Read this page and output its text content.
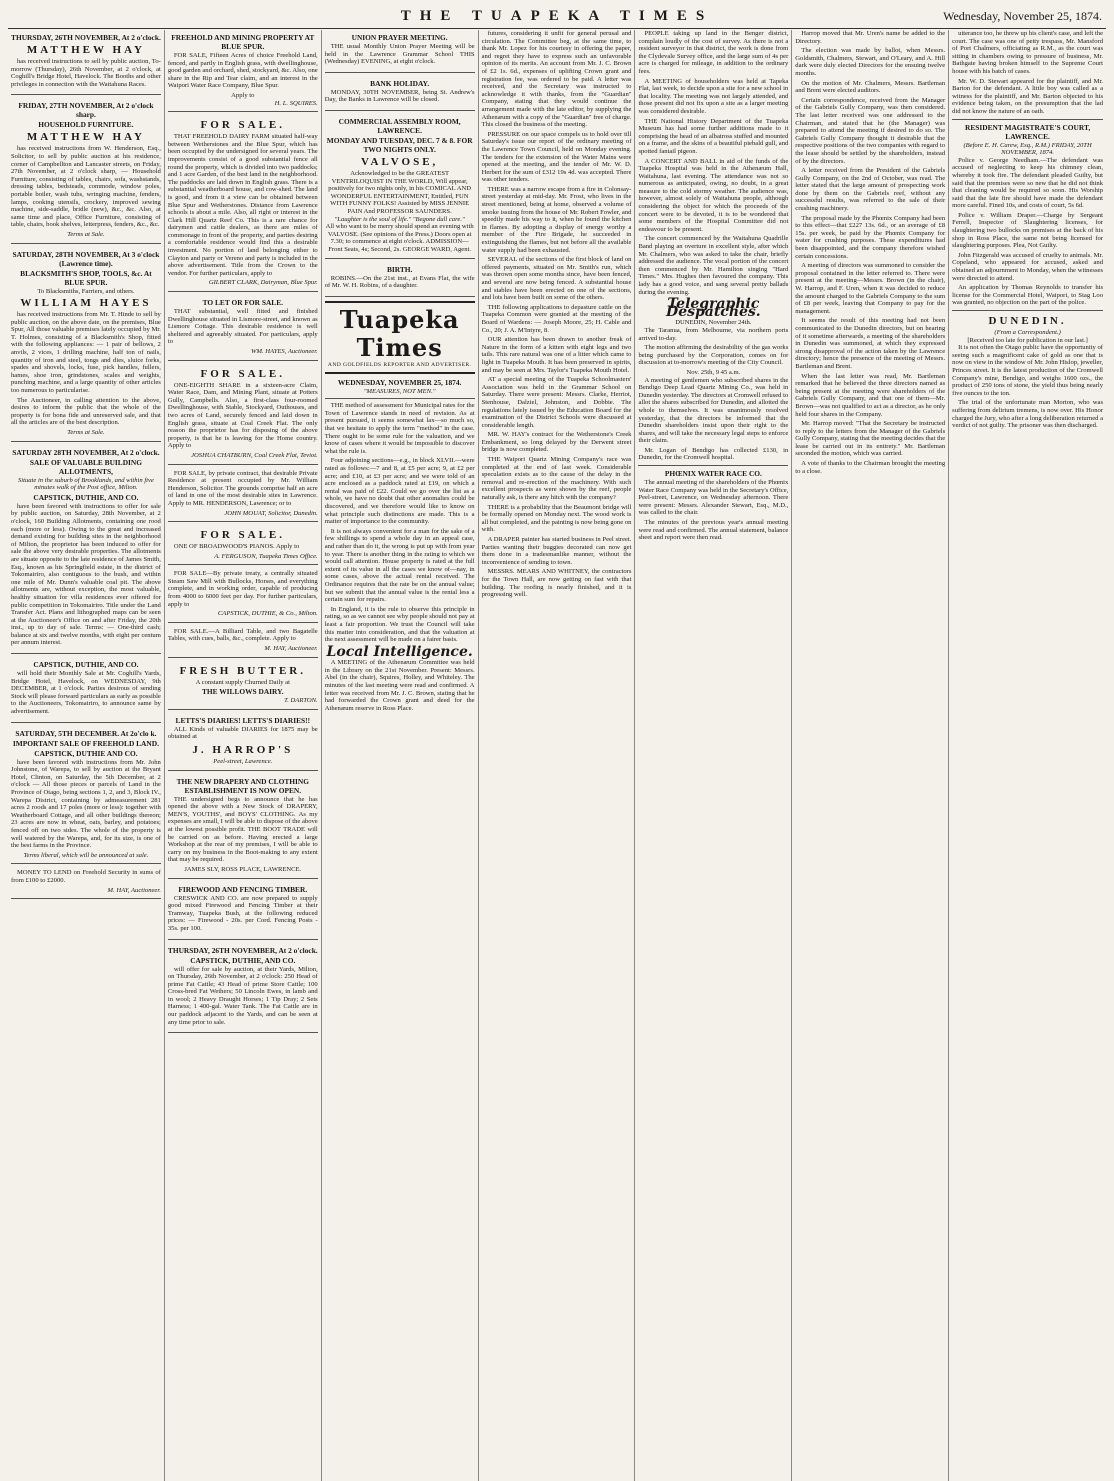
THE TUAPEKA TIMES	Wednesday, November 25, 1874.
THURSDAY, 26TH NOVEMBER, At 2 o'clock.
MATTHEW HAY

has received instructions to sell by public auction, To-morrow (Thursday), 26th November, at 2 o'clock, at Coghill's Bridge Hotel, Havelock. The Booths and other privileges in connection with the Waitahuna Races.

FRIDAY, 27TH NOVEMBER, At 2 o'clock sharp.
HOUSEHOLD FURNITURE.
MATTHEW HAY

has received instructions from W. Henderson, Esq., Solicitor, to sell by public auction at his residence, corner of Campbellton and Lancaster streets, on Friday, 27th November, at 2 o'clock sharp, — Household Furniture, consisting of tables, chairs, sofa, washstands, dressing tables, bedsteads, commode, window poles, portable boiler, wash tubs, wringing machine, fenders, lamps, cooking utensils, crockery, improved sewing machine, side-saddle, bridle (new), &c., &c. Also, at same time and place, Office Furniture, consisting of table, chairs, book shelves, letterpress, fenders, &c., &c.

Terms at Sale.
SATURDAY, 28TH NOVEMBER, At 3 o'clock (Lawrence time).
BLACKSMITH'S SHOP, TOOLS, &c. At BLUE SPUR.
To Blacksmiths, Farriers, and others.
WILLIAM HAYES

has received instructions from Mr. T. Hinde to sell by public auction, on the above date, on the premises, Blue Spur, All those valuable premises lately occupied by Mr. T. Holmes, consisting of a Blacksmith's Shop, fitted with the following appliances: — 1 pair of bellows, 2 anvils, 2 vices, 1 drilling machine, half ton of nails, quantity of iron and steel, tongs and dies, sluice forks, spades and shovels, locks, fuse, pick handles, fullers, hames, shoe iron, grindstones, scales and weights, punching machine, and a large quantity of other articles too numerous to particularise.

The Auctioneer, in calling attention to the above, desires to inform the public that the whole of the property is for bona fide and unreserved sale, and that all the articles are of the best description.

Terms at Sale.
SATURDAY 28TH NOVEMBER, At 2 o'clock.
SALE OF VALUABLE BUILDING ALLOTMENTS,
Situate in the suburb of Brooklands, and within five minutes walk of the Post office, Milton.
CAPSTICK, DUTHIE, AND CO.

have been favored with instructions to offer for sale by public auction, on Saturday, 28th November, at 2 o'clock, 160 Building Allotments, containing one rood each (more or less). Owing to the great and increased demand existing for building sites in the neighborhood of Milton, the proprietor has been induced to offer for sale the above very desirable properties. The allotments are situate opposite to the late residence of James Smith, Esq., known as his Springfield estate, in the district of Tokomairiro, also contiguous to the bush, and within one mile of Mr. Dunn's valuable coal pit. The above allotments are, without exception, the most valuable, healthy situation for villa residences ever offered for public competition in Tokomairiro. Title under the Land Transfer Act. Plans and lithographed maps can be seen at the Auctioneer's Office on and after Friday, the 20th inst., up to day of sale. Terms: — One-third cash; balance at six and twelve months, with eight per centum per annum interest.

CAPSTICK, DUTHIE, AND CO.

will hold their Monthly Sale at Mr. Coghill's Yards, Bridge Hotel, Havelock, on WEDNESDAY, 9th DECEMBER, at 1 o'clock. Parties desirous of sending Stock will please forward particulars as early as possible to the Auctioneers, Tokomairiro, to announce same by advertisement.

SATURDAY, 5TH DECEMBER. At 2o'clo k.
IMPORTANT SALE OF FREEHOLD LAND.
CAPSTICK, DUTHIE AND CO.

have been favored with instructions from Mr. John Johnstone, of Warepa, to sell by auction at the Bryant Hotel, Clinton, on Saturday, the 5th December, at 2 o'clock — All those pieces or parcels of Land in the Province of Otago, being sections 1, 2, and 3, Block IV., Warepa District, containing by admeasurement 281 acres 2 roods and 17 poles (more or less): together with Weatherboard Cottage, and all other buildings thereon; 23 acres are now in wheat, oats, barley, and potatoes; fenced off on two sides. The whole of the property is well watered by the Warepa, and, for its size, is one of the best farms in the Province.

Terms liberal, which will be announced at sale.

MONEY TO LEND on Freehold Security in sums of from £100 to £2000.

M. HAY, Auctioneer.
FREEHOLD AND MINING PROPERTY AT BLUE SPUR.

FOR SALE, Fifteen Acres of choice Freehold Land, fenced, and partly in English grass, with dwellinghouse, good garden and orchard, shed, stockyard, &c. Also, one share in the Rip and Tear claim, and an interest in the Waipori Water Race Company, Blue Spur.

Apply to
H. L. SQUIRES.
FOR SALE.

THAT FREEHOLD DAIRY FARM situated half-way between Wetherstones and the Blue Spur, which has been occupied by the undersigned for several years. The improvements consist of a good substantial fence all round the property, which is divided into two paddocks; and 1 acre Garden, of the best land in the neighborhood. The paddocks are laid down in English grass. There is a substantial weatherboard house, and cow-shed. The land is good, and from it a view can be obtained between Blue Spur and Wetherstones. Distance from Lawrence schools is about a mile. Also, all right or interest in the Clark Hill Quartz Reef Co. This is a rare chance for dairymen and cattle dealers, as there are miles of commonage in front of the property, and parties desiring a comfortable residence would find this a desirable investment. No portion of land belonging either to Clayton and party or Vereno and party is included in the above advertisement. Title from the Crown to the vendor. For further particulars, apply to

GILBERT CLARK, Dairyman, Blue Spur.
TO LET OR FOR SALE.

THAT substantial, well fitted and finished Dwellinghouse situated in Lismore-street, and known as Lismore Cottage. This desirable residence is well sheltered and agreeably situated. For particulars, apply to

WM. HAYES, Auctioneer.
FOR SALE.

ONE-EIGHTH SHARE in a sixteen-acre Claim, Water Race, Dam, and Mining Plant, situate at Potters Gully, Campbells. Also, a first-class four-roomed Dwellinghouse, with Stable, Stockyard, Outhouses, and two acres of Land, securely fenced and laid down in English grass, situate at Coal Creek Flat. The only reason the proprietor has for disposing of the above property, is that he is leaving for the Home country. Apply to

JOSHUA CHATBURN, Coal Creek Flat, Teviot.

FOR SALE, by private contract, that desirable Private Residence at present occupied by Mr. William Henderson, Solicitor. The grounds comprise half an acre of land in one of the most desirable sites in Lawrence. Apply to MR. HENDERSON, Lawrence; or to

JOHN MOUAT, Solicitor, Dunedin.
FOR SALE.

ONE OF BROADWOOD'S PIANOS. Apply to

A. FERGUSON, Tuapeka Times Office.

FOR SALE—By private treaty, a centrally situated Steam Saw Mill with Bullocks, Horses, and everything complete, and in working order, capable of producing from 4000 to 6000 feet per day. For further particulars, apply to

CAPSTICK, DUTHIE, & Co., Milton.

FOR SALE.—A Billiard Table, and two Bagatelle Tables, with cues, balls, &c., complete. Apply to

M. HAY, Auctioneer.
FRESH BUTTER.
A constant supply Churned Daily at
THE WILLOWS DAIRY.
T. DARTON.
LETTS'S DIARIES! LETTS'S DIARIES!!

ALL Kinds of valuable DIARIES for 1875 may be obtained at

J. HARROP'S
Peel-street, Lawrence.
THE NEW DRAPERY AND CLOTHING ESTABLISHMENT IS NOW OPEN.

THE undersigned begs to announce that he has opened the above with a New Stock of DRAPERY, MEN'S, YOUTHS', and BOYS' CLOTHING. As my expenses are small, I will be able to dispose of the above at the lowest possible profit. THE BOOT TRADE will be carried on as before. Having erected a large Workshop at the rear of my premises, I will be able to carry on my business in the Boot-making to any extent that may be required.

JAMES SLY, ROSS PLACE, LAWRENCE.
FIREWOOD AND FENCING TIMBER.

CRESWICK AND CO. are now prepared to supply good mixed Firewood and Fencing Timber at their Tramway, Tuapeka Bush, at the following reduced prices: — Firewood - 20s. per Cord. Fencing Posts - 35s. per 100.

THURSDAY, 26TH NOVEMBER, At 2 o'clock.
CAPSTICK, DUTHIE, AND CO.

will offer for sale by auction, at their Yards, Milton, on Thursday, 26th November, at 2 o'clock: 250 Head of prime Fat Cattle; 43 Head of prime Store Cattle; 100 Cross-bred Fat Wethers; 50 Lincoln Ewes, in lamb and in wool; 2 Heavy Draught Horses; 1 Tip Dray; 2 Sets Harness; 1 400-gal. Water Tank. The Fat Cattle are in our paddock adjacent to the Yards, and can be seen at any time prior to sale.

UNION PRAYER MEETING.

THE usual Monthly Union Prayer Meeting will be held in the Lawrence Grammar School THIS (Wednesday) EVENING, at eight o'clock.

BANK HOLIDAY.

MONDAY, 30TH NOVEMBER, being St. Andrew's Day, the Banks in Lawrence will be closed.

COMMERCIAL ASSEMBLY ROOM, LAWRENCE.
MONDAY AND TUESDAY, DEC. 7 & 8. FOR TWO NIGHTS ONLY.
VALVOSE,
Acknowledged to be the GREATEST VENTRILOQUIST IN THE WORLD, Will appear, positively for two nights only, in his COMICAL AND WONDERFUL ENTERTAINMENT, Entitled, FUN WITH FUNNY FOLKS! Assisted by MISS JENNIE PAIN And PROFESSOR SAUNDERS.
"Laughter is the soul of life." "Begone dull care."
All who want to be merry should spend an evening with VALVOSE. (See opinions of the Press.) Doors open at 7.30; to commence at eight o'clock. ADMISSION—Front Seats, 4s; Second, 2s. GEORGE WARD, Agent.
BIRTH.

ROBINS.—On the 21st inst., at Evans Flat, the wife of Mr. W. H. Robins, of a daughter.

Tuapeka Times
AND GOLDFIELDS REPORTER AND ADVERTISER.
WEDNESDAY, NOVEMBER 25, 1874.
"MEASURES, NOT MEN."

THE method of assessment for Municipal rates for the Town of Lawrence stands in need of revision. As at present pursued, it seems somewhat lax—so much so, that we hesitate to apply the term "method" in the case. There ought to be some rule for the valuation, and we know of cases where it would be impossible to discover what the rule is.

Four adjoining sections—e.g., in block XLVII.—were rated as follows:—7 and 8, at £5 per acre; 9, at £2 per acre; and £10, at £3 per acre; and we were told of an acre enclosed as a paddock rated at £19, on which a rental was paid of £22. Could we go over the list as a whole, we have no doubt that other anomalies could be discovered, and we therefore would like to know on what principle such distinctions are made. This is a matter of importance to the community.

It is not always convenient for a man for the sake of a few shillings to spend a whole day in an appeal case, and rather than do it, the wrong is put up with from year to year. There is another thing in the rating to which we would call attention. House property is rated at the full extent of its value in all the cases we know of—nay, in some cases, above the actual rental received. The Ordinance requires that the rate be on the annual value; but we submit that the annual value is the rental less a certain sum for repairs.

In England, it is the rule to observe this principle in rating, so as we cannot see why people should not pay at least a fair proportion. We trust the Council will take this matter into consideration, and that the valuation at the next assessment will be made on a fairer basis.

Local Intelligence.

A MEETING of the Athenæum Committee was held in the Library on the 21st November. Present: Messrs. Abel (in the chair), Squires, Holley, and Whiteley. The minutes of the last meeting were read and confirmed. A letter was received from Mr. J. C. Brown, stating that he had forwarded the Crown grant and deed for the Athenæum reserve in Ross Place.

futures, considering it unfit for general perusal and circulation. The Committee beg, at the same time, to thank Mr. Lopez for his courtesy in offering the paper, and regret they have to express such an unfavorable opinion of its merits. An account from Mr. J. C. Brown of £2 1s. 6d., expenses of uplifting Crown grant and registration fee, was ordered to be paid. A letter was received, and the Secretary was instructed to acknowledge it with thanks, from the "Guardian" Company, stating that they would continue the arrangement made with the late editor, by supplying the Athenæum with a copy of the "Guardian" free of charge. This closed the business of the meeting.

PRESSURE on our space compels us to hold over till Saturday's issue our report of the ordinary meeting of the Lawrence Town Council, held on Monday evening. The tenders for the extension of the Water Mains were opened at the meeting, and the tender of Mr. W. D. Herbert for the sum of £312 19s 4d. was accepted. There was other tenders.

THERE was a narrow escape from a fire in Colonsay-street yesterday at mid-day. Mr. Frost, who lives in the street mentioned, being at home, observed a volume of smoke issuing from the house of Mr. Robert Fowler, and speedily made his way to it, when he found the kitchen in flames. By adopting a display of energy worthy a member of the Fire Brigade, he succeeded in extinguishing the flames, but not before all the available water supply had been exhausted.

SEVERAL of the sections of the first block of land on offered payments, situated on Mr. Smith's run, which was thrown open some months since, have been fenced, and several are now being fenced. A substantial house and stables have been erected on one of the sections, and lots have been built on some of the others.

THE following applications to depasture cattle on the Tuapeka Common were granted at the meeting of the Board of Wardens: — Joseph Moore, 25; H. Cable and Co., 20; J. A. M'Intyre, 8.

OUR attention has been drawn to another freak of Nature in the form of a kitten with eight legs and two tails. This rare natural was one of a litter which came to light in Tuapeka Mouth. It has been preserved in spirits, and may be seen at Mrs. Taylor's Tuapeka Mouth Hotel.

AT a special meeting of the Tuapeka Schoolmasters' Association was held in the Grammar School on Saturday. There were present: Messrs. Clarke, Herriot, Stenhouse, Dalziel, Johnston, and Dobbie. The regulations lately issued by the Education Board for the examination of the District Schools were discussed at considerable length.

MR. W. HAY's contract for the Wetherstone's Creek Embankment, so long delayed by the Derwent street bridge is now completed.

THE Waipori Quartz Mining Company's race was completed at the end of last week. Considerable speculation exists as to the cause of the delay in the removal and re-erection of the machinery. With such excellent prospects as were shown by the reef, people naturally ask, is there any hitch with the company?

THERE is a probability that the Beaumont bridge will be formally opened on Monday next. The wood work is all but completed, and the painting is now being gone on with.

A DRAPER painter has started business in Peel street. Parties wanting their buggies decorated can now get them done in a tradesmanlike manner, without the inconvenience of sending to town.

MESSRS. MEARS AND WHITNEY, the contractors for the Town Hall, are now getting on fast with that building. The roofing is nearly finished, and it is progressing well.

PEOPLE taking up land in the Benger district, complain loudly of the cost of survey. As there is not a resident surveyor in that district, the work is done from the Clydevale Survey office, and the large sum of 4s per acre is charged for mileage, in addition to the ordinary fees.

A MEETING of householders was held at Tapeka Flat, last week, to decide upon a site for a new school in that locality. The meeting was not largely attended, and those present did not fix upon a site as a larger meeting was considered desirable.

THE National History Department of the Tuapeka Museum has had some further additions made to it comprising the head of an albatross stuffed and mounted on a frame, and the skins of a beautiful piebald gull, and spotted fantail pigeon.

A CONCERT AND BALL in aid of the funds of the Tuapeka Hospital was held in the Athenæum Hall, Waitahuna, last evening. The attendance was not so numerous as anticipated, owing, no doubt, in a great measure to the cold stormy weather. The audience was, however, almost solely of Waitahuna people, although considering the object for which the proceeds of the concert were to be devoted, it is to be wondered that some members of the Hospital Committee did not endeavour to be present.

The concert commenced by the Waitahuna Quadrille Band playing an overture in excellent style, after which Mr. Chalmers, who was asked to take the chair, briefly addressed the audience. The vocal portion of the concert then commenced by Mr. Hamilton singing "Hard Times." Mrs. Hughes then favoured the company. This lady has a good voice, and sang several pretty ballads during the evening.

Telegraphic Despatches.
DUNEDIN, November 24th.

The Taranua, from Melbourne, via northern ports arrived to-day.

The motion affirming the desirability of the gas works being purchased by the Corporation, comes on for discussion at to-morrow's meeting of the City Council.

Nov. 25th, 9 45 a.m.

A meeting of gentlemen who subscribed shares in the Bendigo Deep Lead Quartz Mining Co., was held in Dunedin yesterday. The directors at Cromwell refused to allot the shares subscribed for Dunedin, and allotted the whole to themselves. It was unanimously resolved yesterday, that the directors be informed that the Dunedin shareholders insist upon their right to the shares, and will take the necessary legal steps to enforce their claim.

Mr. Logan of Bendigo has collected £130, in Dunedin, for the Cromwell hospital.

PHŒNIX WATER RACE CO.

The annual meeting of the shareholders of the Phœnix Water Race Company was held in the Secretary's Office, Peel-street, Lawrence, on Wednesday afternoon. There were present: Messrs. Alexander Stewart, Esq., M.D., was called to the chair.

The minutes of the previous year's annual meeting were read and confirmed. The annual statement, balance sheet and report were then read.

Harrop moved that Mr. Uren's name be added to the Directory.

The election was made by ballot, when Messrs. Goldsmith, Chalmers, Stewart, and O'Leary, and A. Hill dark were duly elected Directors for the ensuing twelve months.

On the motion of Mr. Chalmers, Messrs. Bartleman and Brent were elected auditors.

Certain correspondence, received from the Manager of the Gabriels Gully Company, was then considered. The last letter received was one addressed to the Chairman, and stated that he (the Manager) was prepared to attend the meeting if desired to do so. The Gabriels Gully Company thought it desirable that the respective positions of the two companies with regard to the lease should be settled by the shareholders, instead of by the directors.

A letter received from the President of the Gabriels Gully Company, on the 2nd of October, was read. The letter stated that the large amount of prospecting work done by them on the Gabriels reef, without any successful results, was referred to the sale of their crushing machinery.

The proposal made by the Phœnix Company had been to this effect—that £227 13s. 6d., or an average of £8 15s. per week, be paid by the Phœnix Company for water for crushing purposes. These expenditures had been disappointed, and the company therefore wished certain concessions.

A meeting of directors was summoned to consider the proposal contained in the letter referred to. There were present at the meeting—Messrs. Brown (in the chair), W. Harrop, and F. Uren, when it was decided to reduce the amount charged to the Gabriels Company to the sum of £8 per week, leaving that Company to pay for the management.

It seems the result of this meeting had not been communicated to the Dunedin directors, but on hearing of it sometime afterwards, a meeting of the shareholders in Dunedin was summoned, at which they expressed strong disapproval of the action taken by the Lawrence directory; hence the presence of the meeting of Messrs. Bartleman and Brent.

When the last letter was read, Mr. Bartleman remarked that he believed the three directors named as being present at the meeting were shareholders of the Gabriels Gully Company, and that one of them—Mr. Brown—was not qualified to act as a director, as he only held four shares in the Company.

Mr. Harrop moved: "That the Secretary be instructed to reply to the letters from the Manager of the Gabriels Gully Company, stating that the meeting decides that the lease be carried out in its entirety." Mr. Bartleman seconded the motion, which was carried.

A vote of thanks to the Chairman brought the meeting to a close.

utterance too, he threw up his client's case, and left the court. The case was one of petty trespass, Mr. Mansford of Port Chalmers, officiating as R.M., as the court was sitting in chambers owing to pressure of business, Mr. Bathgate having broken himself to the Supreme Court house with his batch of cases.

Mr. W. D. Stewart appeared for the plaintiff, and Mr. Barton for the defendant. A little boy was called as a witness for the plaintiff, and Mr. Barton objected to his evidence being taken, on the presumption that the lad did not know the nature of an oath.

RESIDENT MAGISTRATE'S COURT, LAWRENCE.
(Before E. H. Carew, Esq., R.M.) FRIDAY, 20TH NOVEMBER, 1874.

Police v. George Needham.—The defendant was accused of neglecting to keep his chimney clean, whereby it took fire. The defendant pleaded Guilty, but said that the premises were so new that he did not think that cleaning would be required so soon. His Worship said that the late fire should have made the defendant more careful. Fined 10s, and costs of court, 5s 6d.

Police v. William Draper.—Charge by Sergeant Ferrell, Inspector of Slaughtering licenses, for slaughtering two bullocks on premises at the back of his shop in Ross Place, the same not being licensed for slaughtering purposes. Plea, Not Guilty.

John Fitzgerald was accused of cruelty to animals. Mr. Copeland, who appeared for accused, asked and obtained an adjournment to Monday, when the witnesses were directed to attend.

An application by Thomas Reynolds to transfer his license for the Commercial Hotel, Waipori, to Stag Loo was granted, no objection on the part of the police.

DUNEDIN.
(From a Correspondent.)
[Received too late for publication in our last.]

It is not often the Otago public have the opportunity of seeing such a magnificent cake of gold as one that is now on view in the window of Mr. John Hislop, jeweller, Princes street. It is the latest production of the Cromwell Company's mine, Bendigo, and weighs 1600 ozs., the product of 250 tons of stone, the yield thus being nearly five ounces to the ton.

The trial of the unfortunate man Morton, who was suffering from delirium tremens, is now over. His Honor charged the Jury, who after a long deliberation returned a verdict of not guilty. The prisoner was then discharged.
